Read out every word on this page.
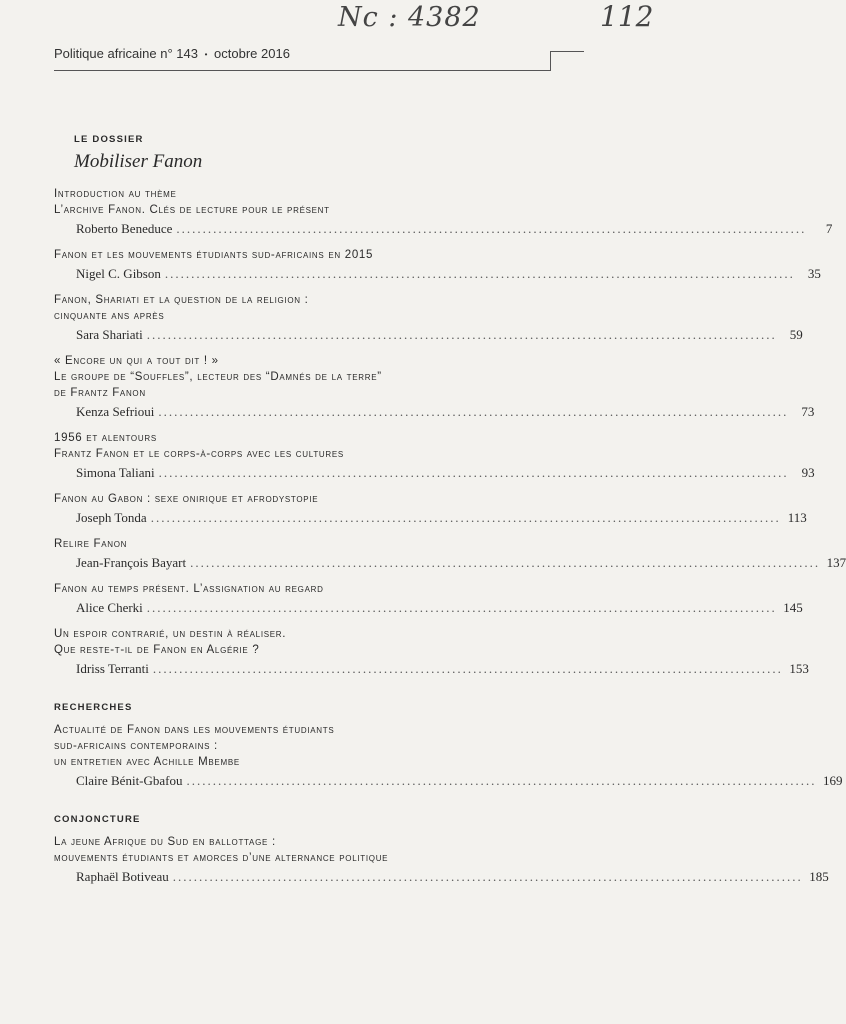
Nc : 4382	112
Politique africaine n° 143 • octobre 2016
LE DOSSIER
Mobiliser Fanon
Introduction au thème
L’archive Fanon. Clés de lecture pour le présent
Roberto Beneduce ........................................................................................................................	7
Fanon et les mouvements étudiants sud-africains en 2015
Nigel C. Gibson ........................................................................................................................	35
Fanon, Shariati et la question de la religion :
cinquante ans après
Sara Shariati ........................................................................................................................	59
« Encore un qui a tout dit ! »
Le groupe de “Souffles”, lecteur des “Damnés de la terre”
de Frantz Fanon
Kenza Sefrioui ........................................................................................................................	73
1956 et alentours
Frantz Fanon et le corps-à-corps avec les cultures
Simona Taliani ........................................................................................................................	93
Fanon au Gabon : sexe onirique et afrodystopie
Joseph Tonda ........................................................................................................................ 113
Relire Fanon
Jean-François Bayart ........................................................................................................................ 137
Fanon au temps présent. L’assignation au regard
Alice Cherki ........................................................................................................................ 145
Un espoir contrarié, un destin à réaliser.
Que reste-t-il de Fanon en Algérie ?
Idriss Terranti ........................................................................................................................ 153
RECHERCHES
Actualité de Fanon dans les mouvements étudiants
sud-africains contemporains :
un entretien avec Achille Mbembe
Claire Bénit-Gbafou ........................................................................................................................ 169
CONJONCTURE
La jeune Afrique du Sud en ballottage :
mouvements étudiants et amorces d’une alternance politique
Raphaël Botiveau ........................................................................................................................ 185
